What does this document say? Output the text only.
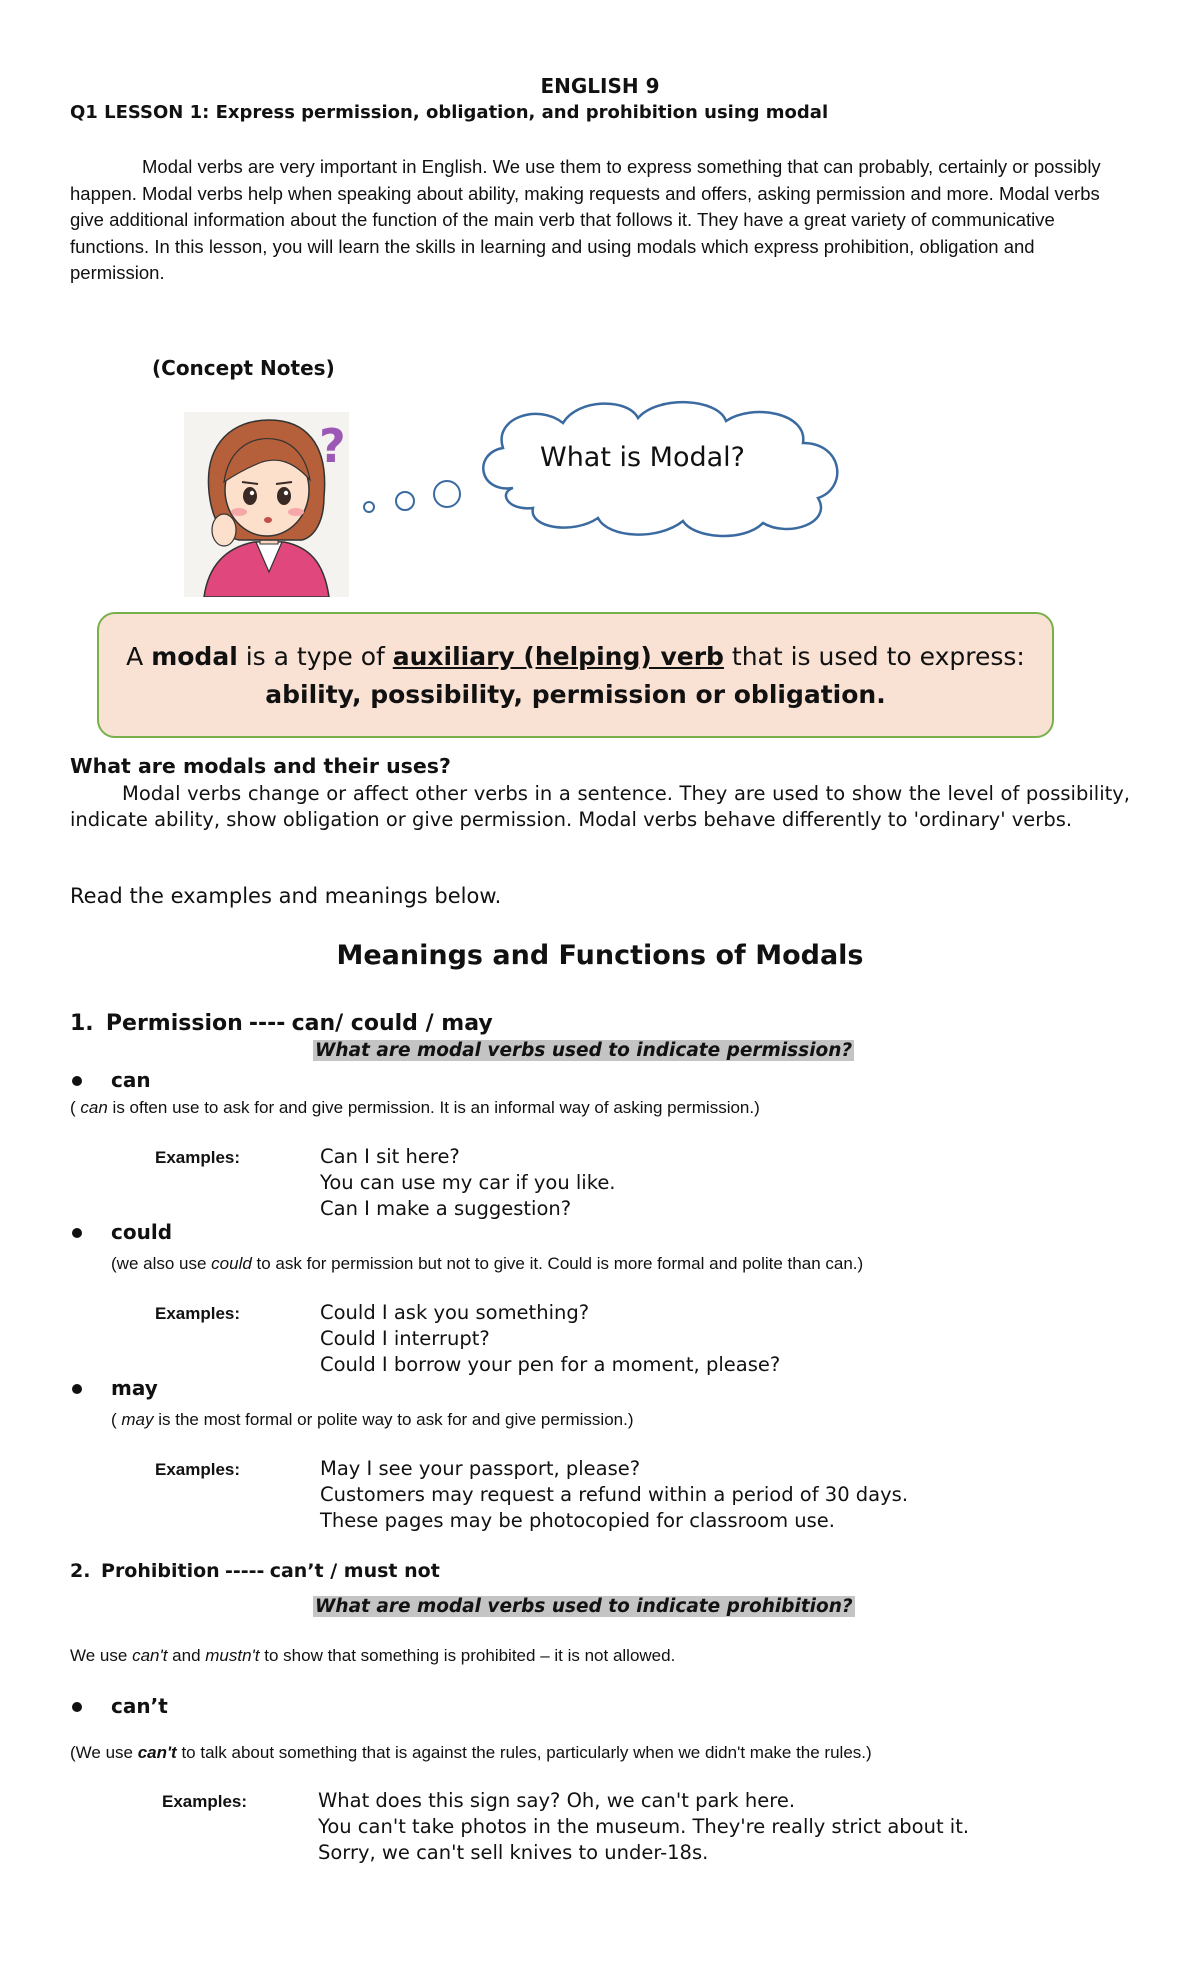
ENGLISH 9
Q1 LESSON 1: Express permission, obligation, and prohibition using modal

Modal verbs are very important in English. We use them to express something that can probably, certainly or possibly happen. Modal verbs help when speaking about ability, making requests and offers, asking permission and more. Modal verbs give additional information about the function of the main verb that follows it. They have a great variety of communicative functions. In this lesson, you will learn the skills in learning and using modals which express prohibition, obligation and permission.

(Concept Notes)
?	What is Modal?
A modal is a type of auxiliary (helping) verb that is used to express:
ability, possibility, permission or obligation.
What are modals and their uses?

Modal verbs change or affect other verbs in a sentence. They are used to show the level of possibility, indicate ability, show obligation or give permission. Modal verbs behave differently to 'ordinary' verbs.

Read the examples and meanings below.
Meanings and Functions of Modals
1. Permission ---- can/ could / may
What are modal verbs used to indicate permission?
can
( can is often use to ask for and give permission. It is an informal way of asking permission.)
Examples:	Can I sit here?
You can use my car if you like.
Can I make a suggestion?
could
(we also use could to ask for permission but not to give it. Could is more formal and polite than can.)
Examples:	Could I ask you something?
Could I interrupt?
Could I borrow your pen for a moment, please?
may
( may is the most formal or polite way to ask for and give permission.)
Examples:	May I see your passport, please?
Customers may request a refund within a period of 30 days.
These pages may be photocopied for classroom use.
2. Prohibition ----- can’t / must not
What are modal verbs used to indicate prohibition?
We use can't and mustn't to show that something is prohibited – it is not allowed.
can’t
(We use can't to talk about something that is against the rules, particularly when we didn't make the rules.)
Examples:	What does this sign say? Oh, we can't park here.
You can't take photos in the museum. They're really strict about it.
Sorry, we can't sell knives to under-18s.
